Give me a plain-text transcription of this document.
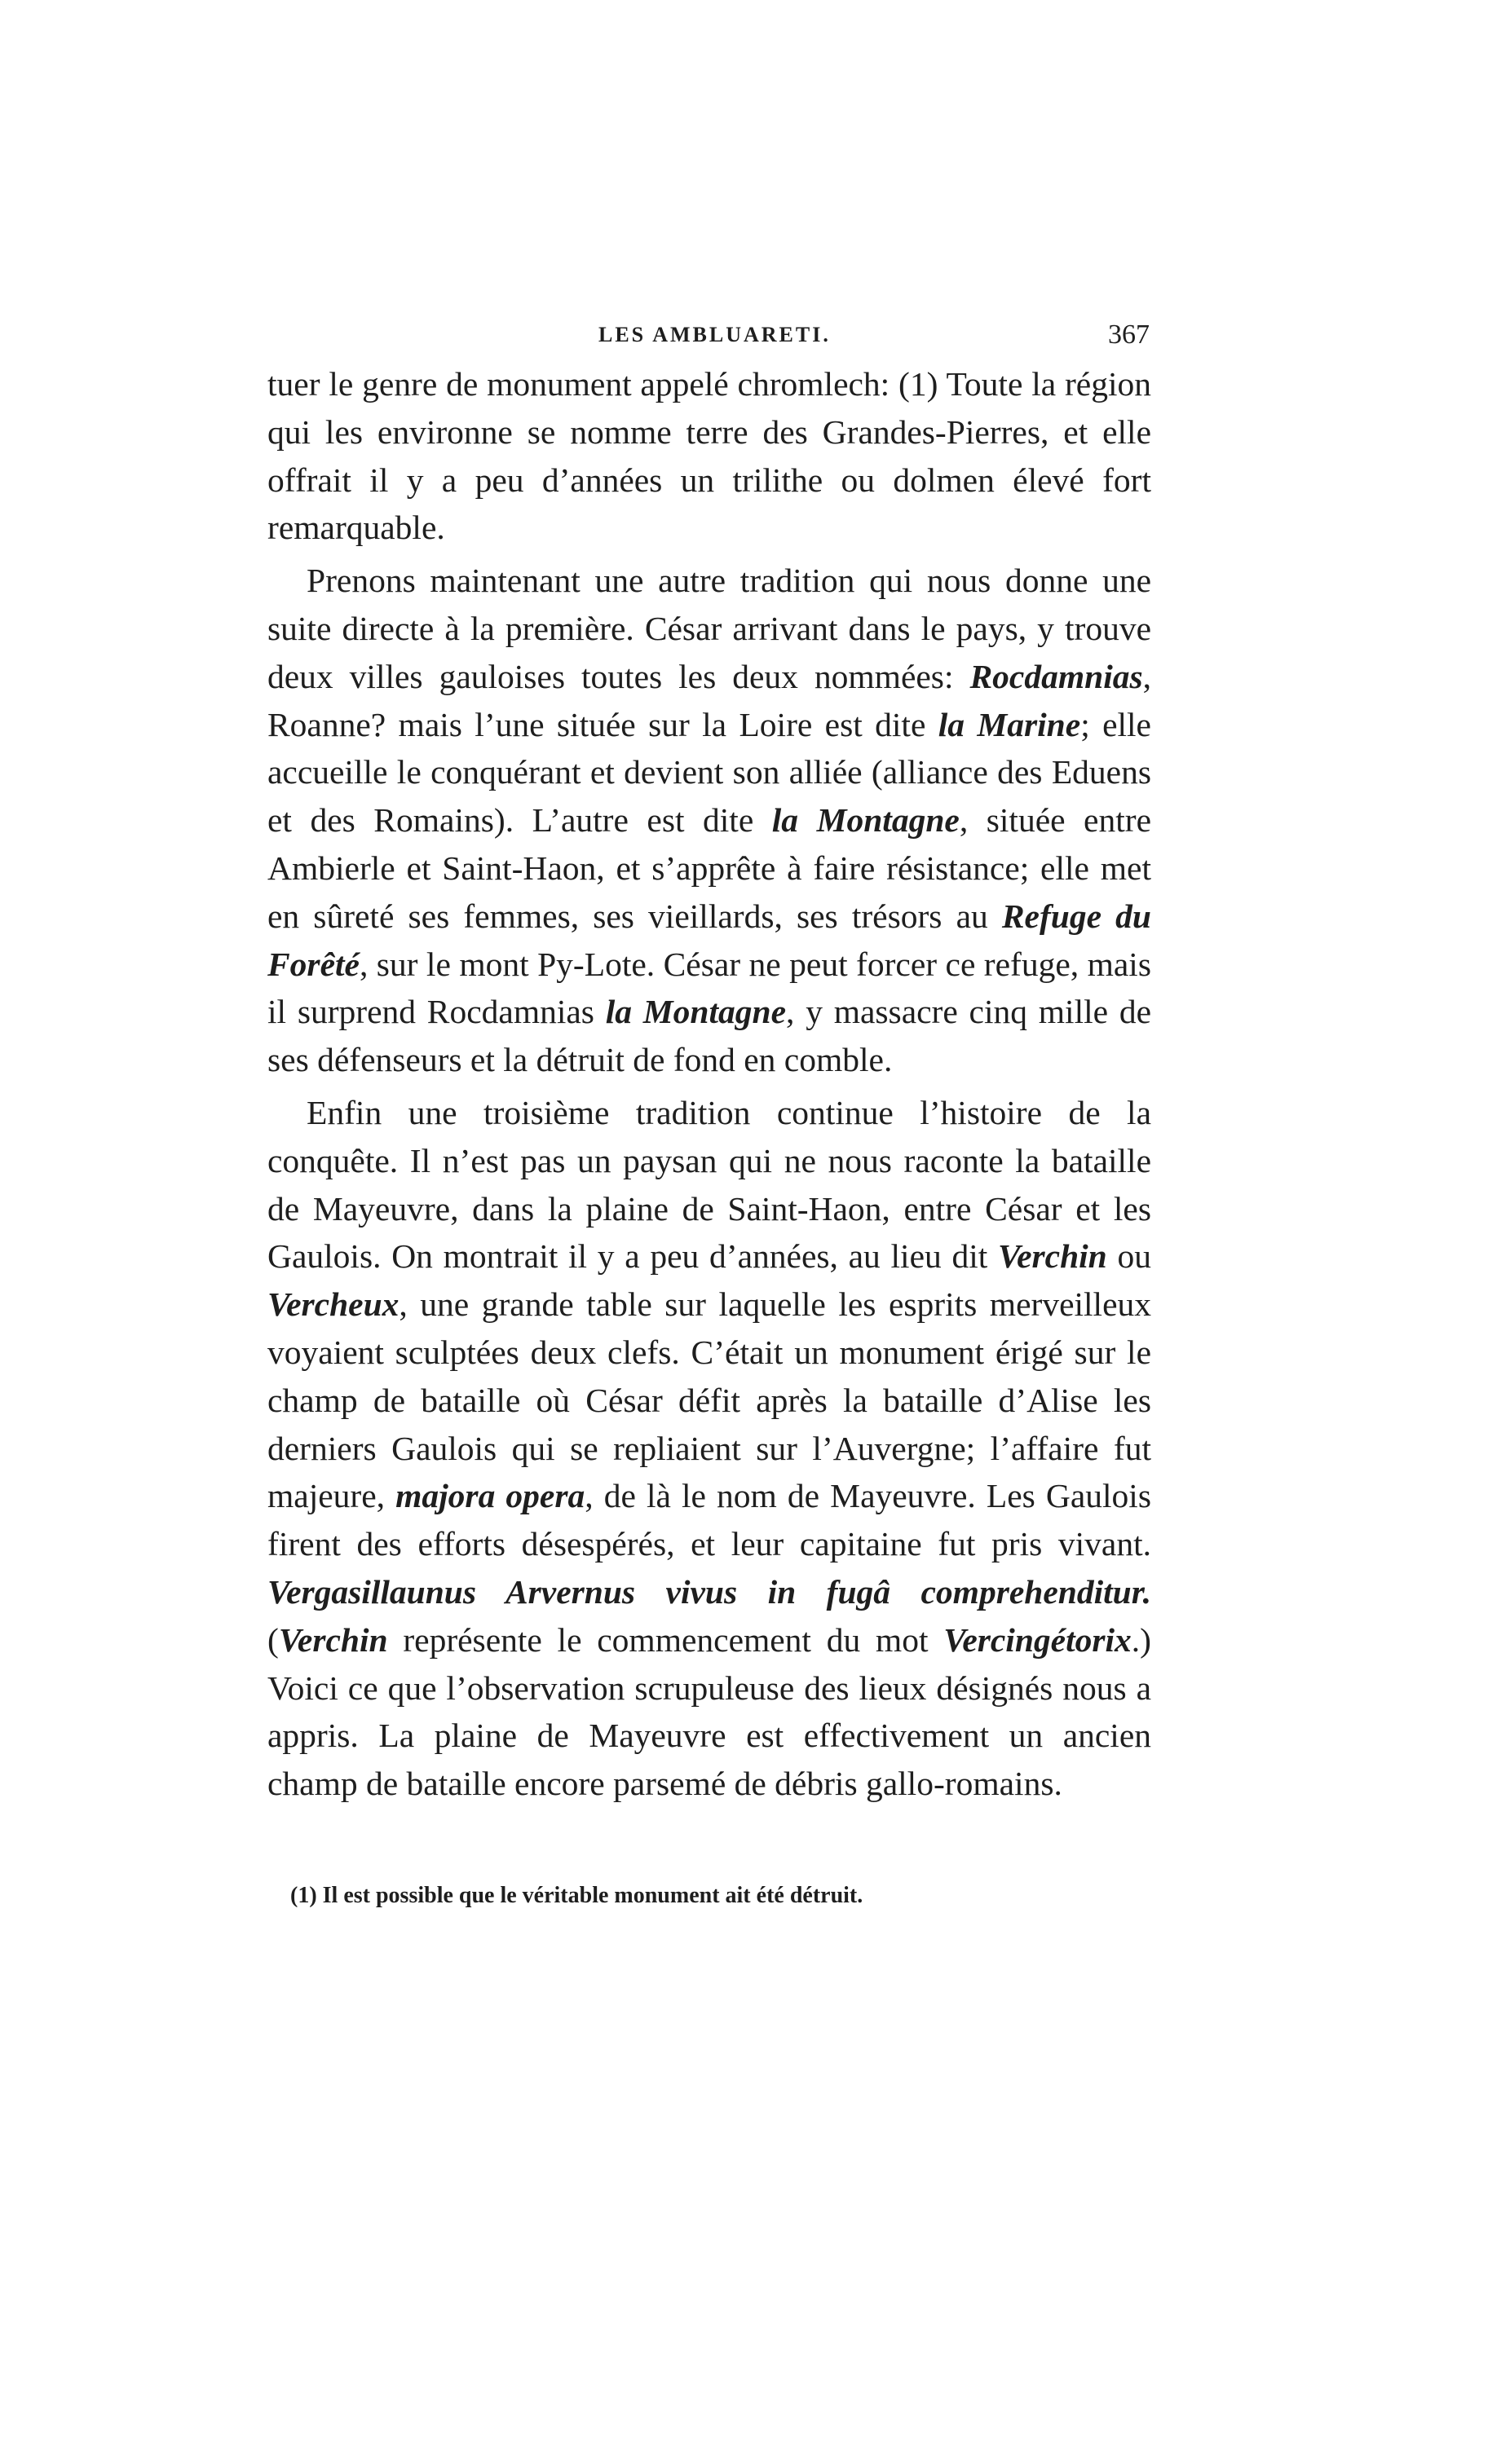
LES AMBLUARETI.	367

tuer le genre de monument appelé chromlech: (1) Toute la région qui les environne se nomme terre des Grandes-Pierres, et elle offrait il y a peu d’années un trilithe ou dolmen élevé fort remarquable.

Prenons maintenant une autre tradition qui nous donne une suite directe à la première. César arrivant dans le pays, y trouve deux villes gauloises toutes les deux nommées: Rocdamnias, Roanne? mais l’une située sur la Loire est dite la Marine; elle accueille le conquérant et devient son alliée (alliance des Eduens et des Romains). L’autre est dite la Montagne, située entre Ambierle et Saint-Haon, et s’apprête à faire résistance; elle met en sûreté ses femmes, ses vieillards, ses trésors au Refuge du Forêté, sur le mont Py-Lote. César ne peut forcer ce refuge, mais il surprend Rocdamnias la Montagne, y massacre cinq mille de ses défenseurs et la détruit de fond en comble.

Enfin une troisième tradition continue l’histoire de la conquête. Il n’est pas un paysan qui ne nous raconte la bataille de Mayeuvre, dans la plaine de Saint-Haon, entre César et les Gaulois. On montrait il y a peu d’années, au lieu dit Verchin ou Vercheux, une grande table sur laquelle les esprits merveilleux voyaient sculptées deux clefs. C’était un monument érigé sur le champ de bataille où César défit après la bataille d’Alise les derniers Gaulois qui se repliaient sur l’Auvergne; l’affaire fut majeure, majora opera, de là le nom de Mayeuvre. Les Gaulois firent des efforts désespérés, et leur capitaine fut pris vivant. Vergasillaunus Arvernus vivus in fugâ comprehenditur. (Verchin représente le commencement du mot Vercingétorix.) Voici ce que l’observation scrupuleuse des lieux désignés nous a appris. La plaine de Mayeuvre est effectivement un ancien champ de bataille encore parsemé de débris gallo-romains.

(1) Il est possible que le véritable monument ait été détruit.
